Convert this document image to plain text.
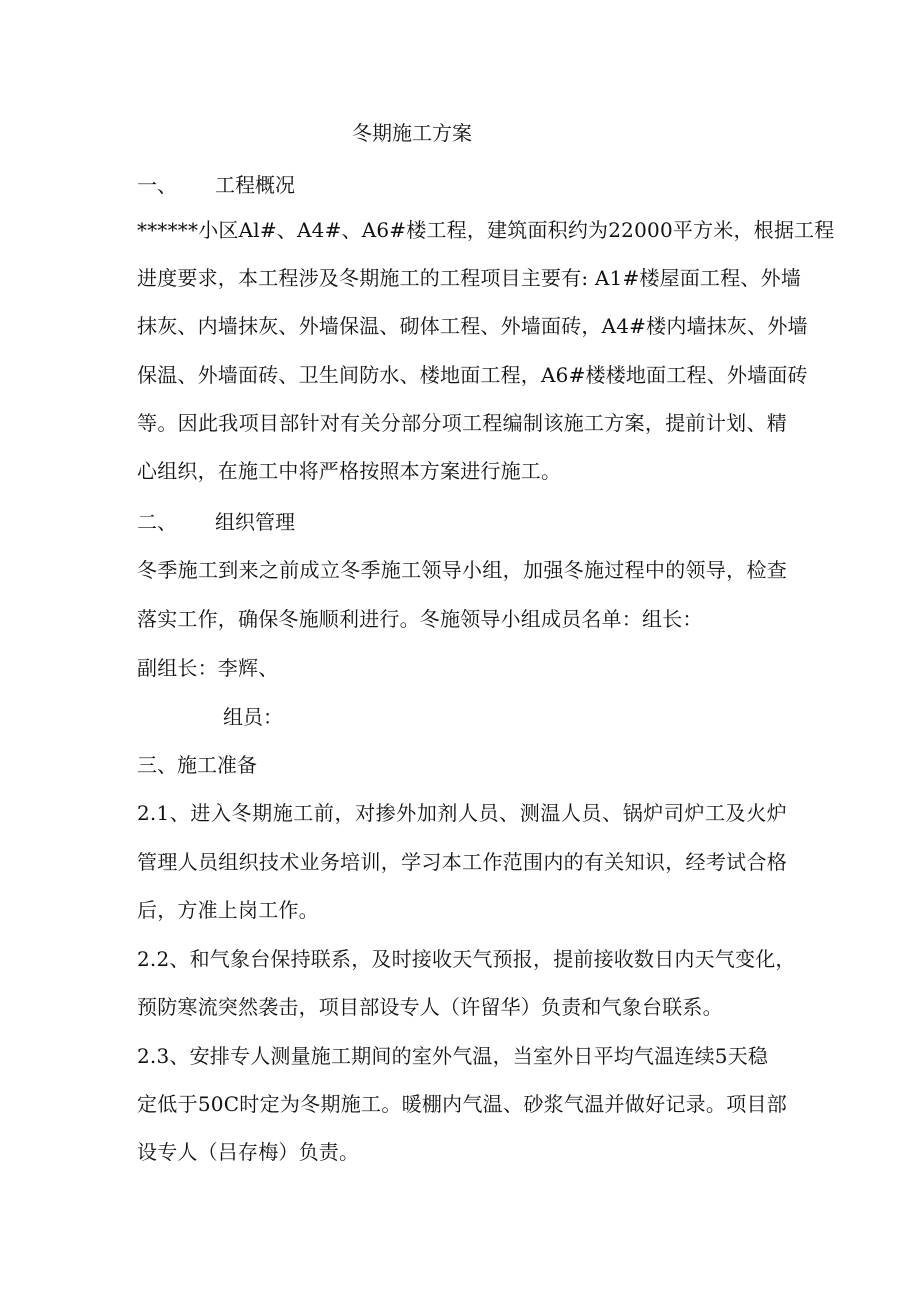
冬期施工方案
一、 工程概况
******小区Al#、A4#、A6#楼工程，建筑面积约为22000平方米，根据工程
进度要求，本工程涉及冬期施工的工程项目主要有: A1#楼屋面工程、外墙
抹灰、内墙抹灰、外墙保温、砌体工程、外墙面砖，A4#楼内墙抹灰、外墙
保温、外墙面砖、卫生间防水、楼地面工程，A6#楼楼地面工程、外墙面砖
等。因此我项目部针对有关分部分项工程编制该施工方案，提前计划、精
心组织，在施工中将严格按照本方案进行施工。
二、 组织管理
冬季施工到来之前成立冬季施工领导小组，加强冬施过程中的领导，检查
落实工作，确保冬施顺利进行。冬施领导小组成员名单：组长：
副组长：李辉、
组员：
三、施工准备
2.1、进入冬期施工前，对掺外加剂人员、测温人员、锅炉司炉工及火炉
管理人员组织技术业务培训，学习本工作范围内的有关知识，经考试合格
后，方准上岗工作。
2.2、和气象台保持联系，及时接收天气预报，提前接收数日内天气变化，
预防寒流突然袭击，项目部设专人（许留华）负责和气象台联系。
2.3、安排专人测量施工期间的室外气温，当室外日平均气温连续5天稳
定低于50C时定为冬期施工。暖棚内气温、砂浆气温并做好记录。项目部
设专人（吕存梅）负责。
